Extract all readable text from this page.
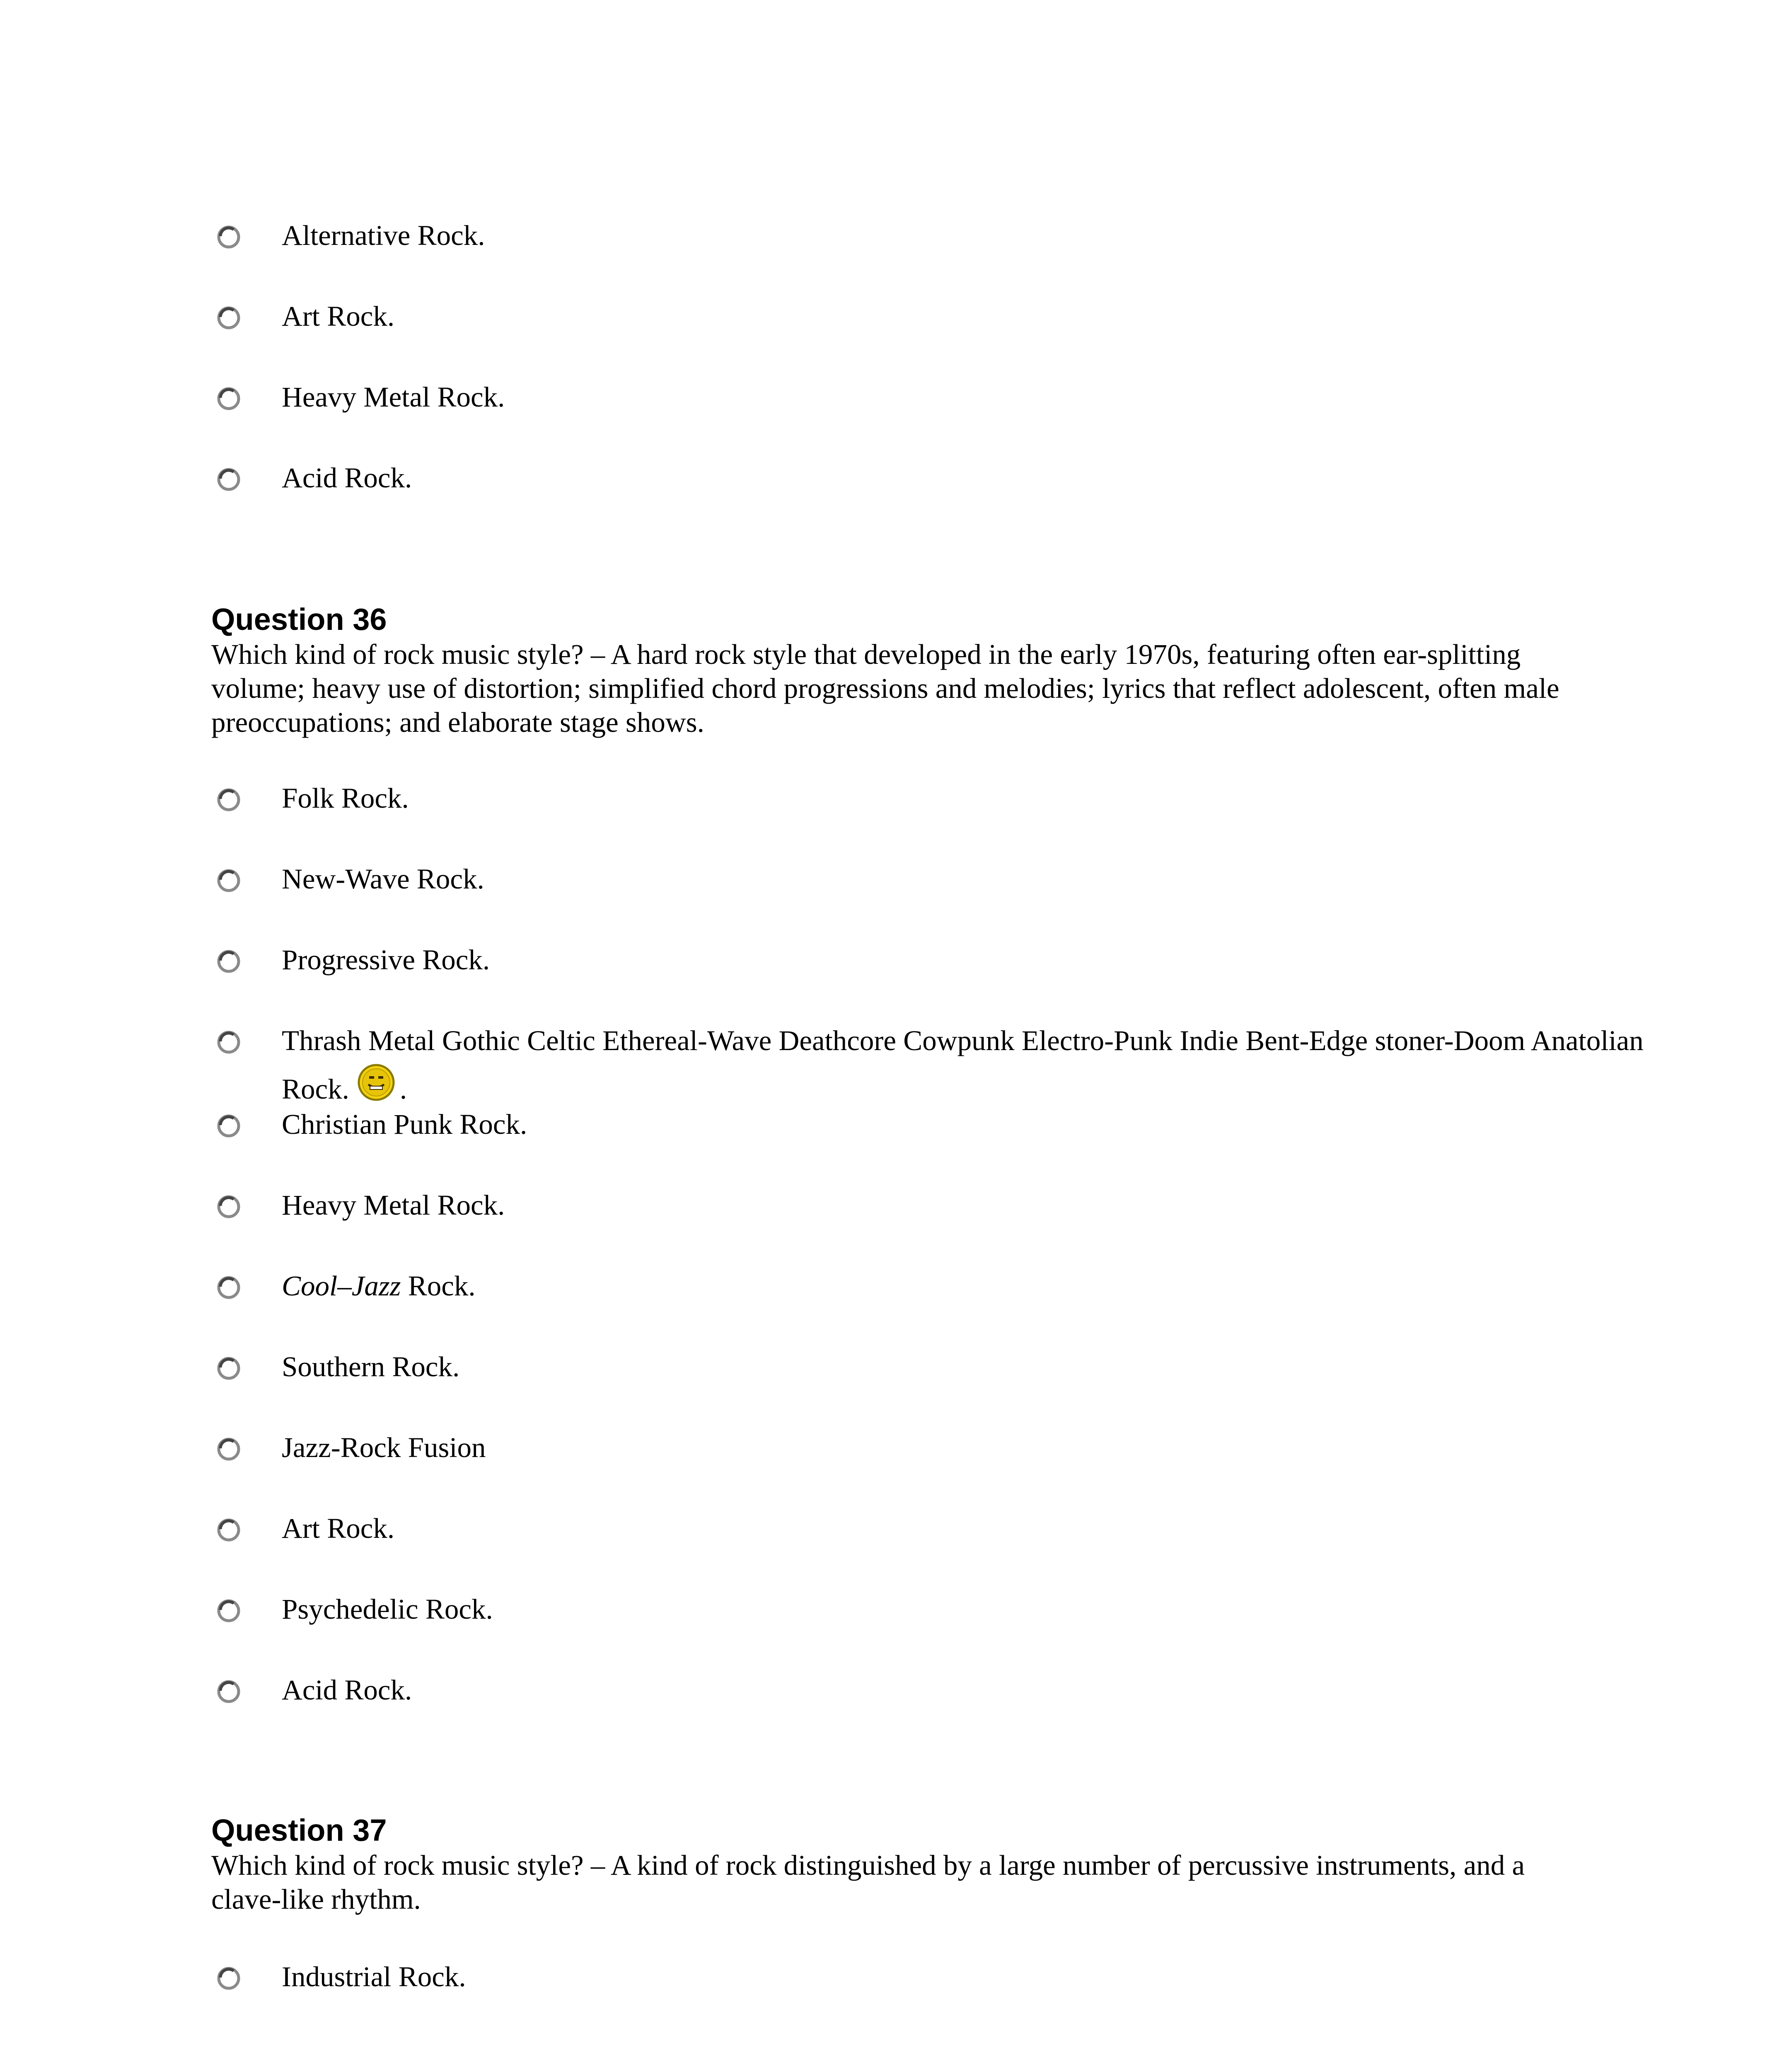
Alternative Rock.
Art Rock.
Heavy Metal Rock.
Acid Rock.
Question 36
Which kind of rock music style? – A hard rock style that developed in the early 1970s, featuring often ear-splitting volume; heavy use of distortion; simplified chord progressions and melodies; lyrics that reflect adolescent, often male preoccupations; and elaborate stage shows.
Folk Rock.
New-Wave Rock.
Progressive Rock.
Thrash Metal Gothic Celtic Ethereal-Wave Deathcore Cowpunk Electro-Punk Indie Bent-Edge stoner-Doom Anatolian Rock. .
Christian Punk Rock.
Heavy Metal Rock.
Cool–Jazz Rock.
Southern Rock.
Jazz-Rock Fusion
Art Rock.
Psychedelic Rock.
Acid Rock.
Question 37
Which kind of rock music style? – A kind of rock distinguished by a large number of percussive instruments, and a clave-like rhythm.
Industrial Rock.
